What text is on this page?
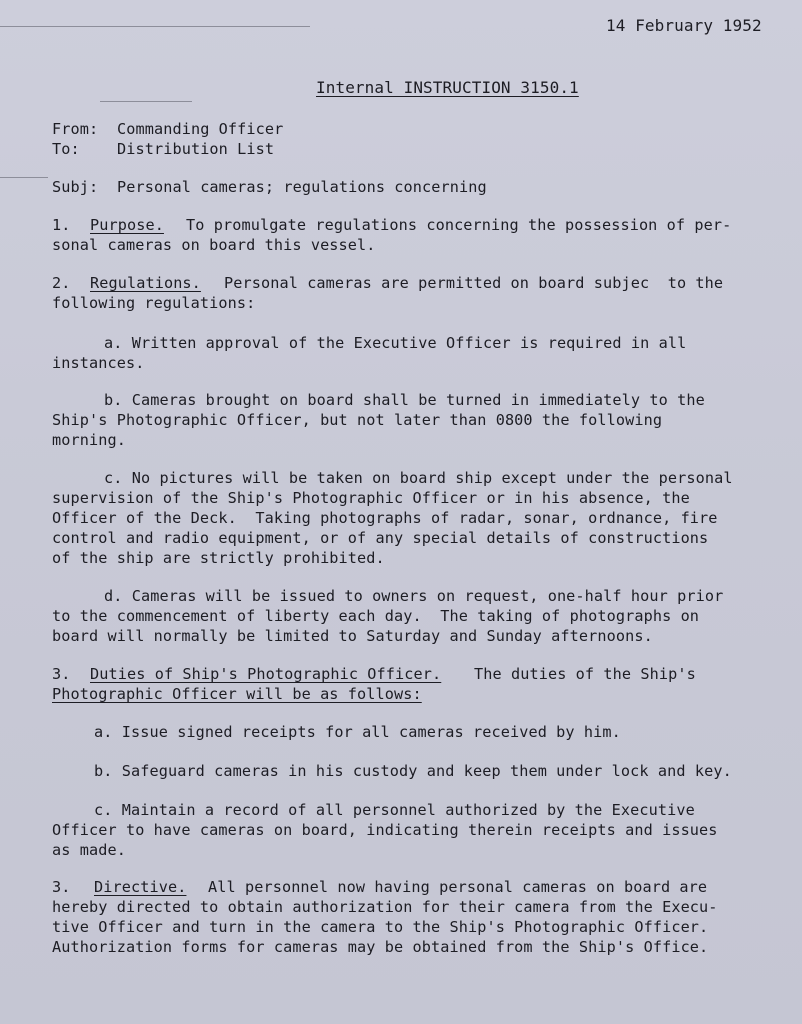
14 February 1952
Internal INSTRUCTION 3150.1
From: Commanding Officer
To: Distribution List
Subj: Personal cameras; regulations concerning
1. Purpose. To promulgate regulations concerning the possession of per-
sonal cameras on board this vessel.
2. Regulations. Personal cameras are permitted on board subjec  to the
following regulations:
a. Written approval of the Executive Officer is required in all
instances.
b. Cameras brought on board shall be turned in immediately to the
Ship's Photographic Officer, but not later than 0800 the following
morning.
c. No pictures will be taken on board ship except under the personal
supervision of the Ship's Photographic Officer or in his absence, the
Officer of the Deck.  Taking photographs of radar, sonar, ordnance, fire
control and radio equipment, or of any special details of constructions
of the ship are strictly prohibited.
d. Cameras will be issued to owners on request, one-half hour prior
to the commencement of liberty each day.  The taking of photographs on
board will normally be limited to Saturday and Sunday afternoons.
3. Duties of Ship's Photographic Officer. The duties of the Ship's
Photographic Officer will be as follows:
a. Issue signed receipts for all cameras received by him.
b. Safeguard cameras in his custody and keep them under lock and key.
c. Maintain a record of all personnel authorized by the Executive
Officer to have cameras on board, indicating therein receipts and issues
as made.
3. Directive. All personnel now having personal cameras on board are
hereby directed to obtain authorization for their camera from the Execu-
tive Officer and turn in the camera to the Ship's Photographic Officer.
Authorization forms for cameras may be obtained from the Ship's Office.
